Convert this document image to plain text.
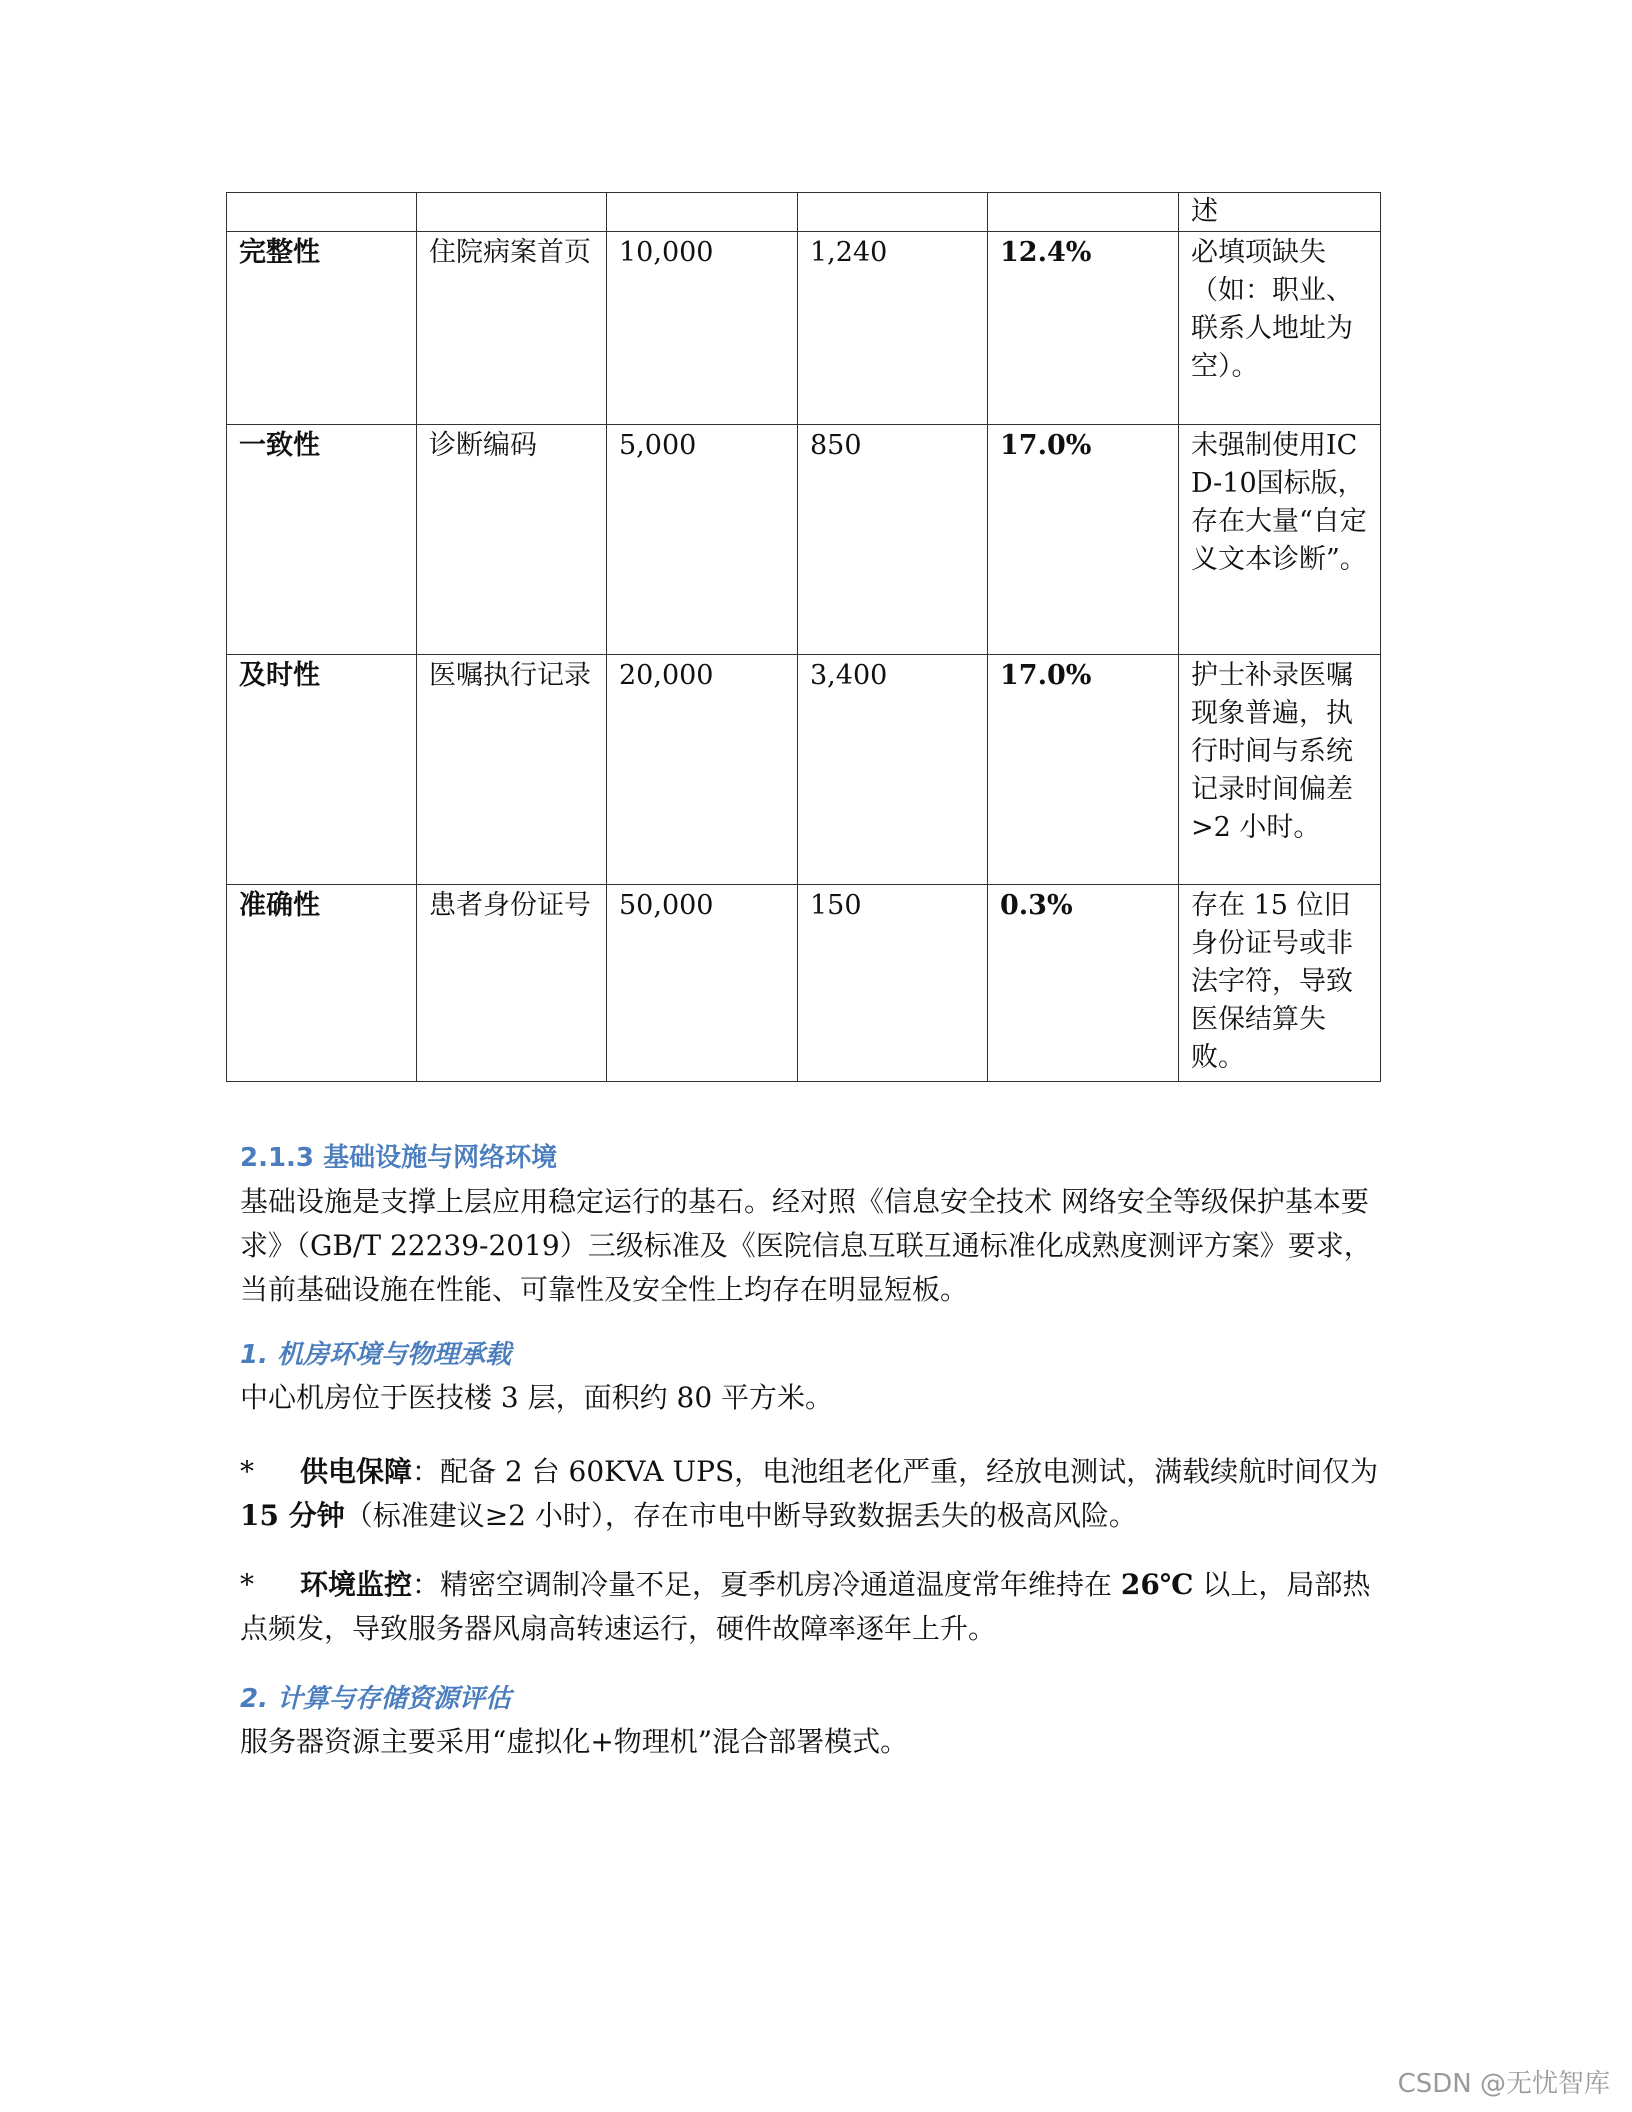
					述
完整性	住院病案首页	10,000	1,240	12.4%	必填项缺失（如：职业、联系人地址为空）。
一致性	诊断编码	5,000	850	17.0%	未强制使用ICD-10国标版，存在大量“自定义文本诊断”。
及时性	医嘱执行记录	20,000	3,400	17.0%	护士补录医嘱现象普遍，执行时间与系统记录时间偏差>2 小时。
准确性	患者身份证号	50,000	150	0.3%	存在 15 位旧身份证号或非法字符，导致医保结算失败。
2.1.3 基础设施与网络环境
基础设施是支撑上层应用稳定运行的基石。经对照《信息安全技术 网络安全等级保护基本要求》（GB/T 22239-2019）三级标准及《医院信息互联互通标准化成熟度测评方案》要求，当前基础设施在性能、可靠性及安全性上均存在明显短板。
1. 机房环境与物理承载
中心机房位于医技楼 3 层，面积约 80 平方米。
* 供电保障：配备 2 台 60KVA UPS，电池组老化严重，经放电测试，满载续航时间仅为 15 分钟（标准建议≥2 小时），存在市电中断导致数据丢失的极高风险。
* 环境监控：精密空调制冷量不足，夏季机房冷通道温度常年维持在 26℃ 以上，局部热点频发，导致服务器风扇高转速运行，硬件故障率逐年上升。
2. 计算与存储资源评估
服务器资源主要采用“虚拟化+物理机”混合部署模式。
CSDN @无忧智库
